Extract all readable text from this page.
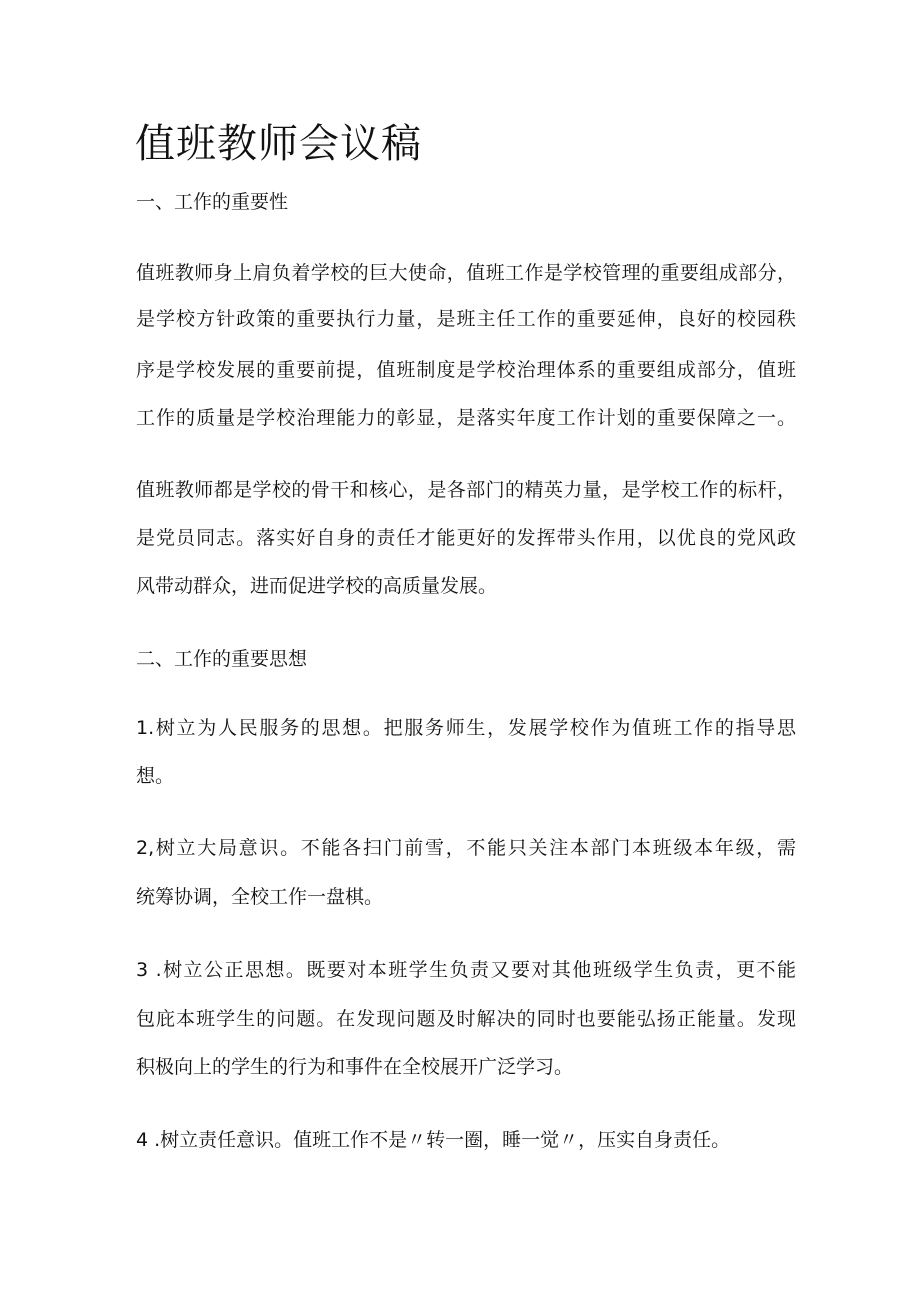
值班教师会议稿
一、工作的重要性
值班教师身上肩负着学校的巨大使命，值班工作是学校管理的重要组成部分，
是学校方针政策的重要执行力量，是班主任工作的重要延伸，良好的校园秩
序是学校发展的重要前提，值班制度是学校治理体系的重要组成部分，值班
工作的质量是学校治理能力的彰显，是落实年度工作计划的重要保障之一。
值班教师都是学校的骨干和核心，是各部门的精英力量，是学校工作的标杆，
是党员同志。落实好自身的责任才能更好的发挥带头作用，以优良的党风政
风带动群众，进而促进学校的高质量发展。
二、工作的重要思想
1.树立为人民服务的思想。把服务师生，发展学校作为值班工作的指导思
想。
2,树立大局意识。不能各扫门前雪，不能只关注本部门本班级本年级，需
统筹协调，全校工作一盘棋。
3 .树立公正思想。既要对本班学生负责又要对其他班级学生负责，更不能
包庇本班学生的问题。在发现问题及时解决的同时也要能弘扬正能量。发现
积极向上的学生的行为和事件在全校展开广泛学习。
4 .树立责任意识。值班工作不是〃转一圈，睡一觉〃，压实自身责任。
